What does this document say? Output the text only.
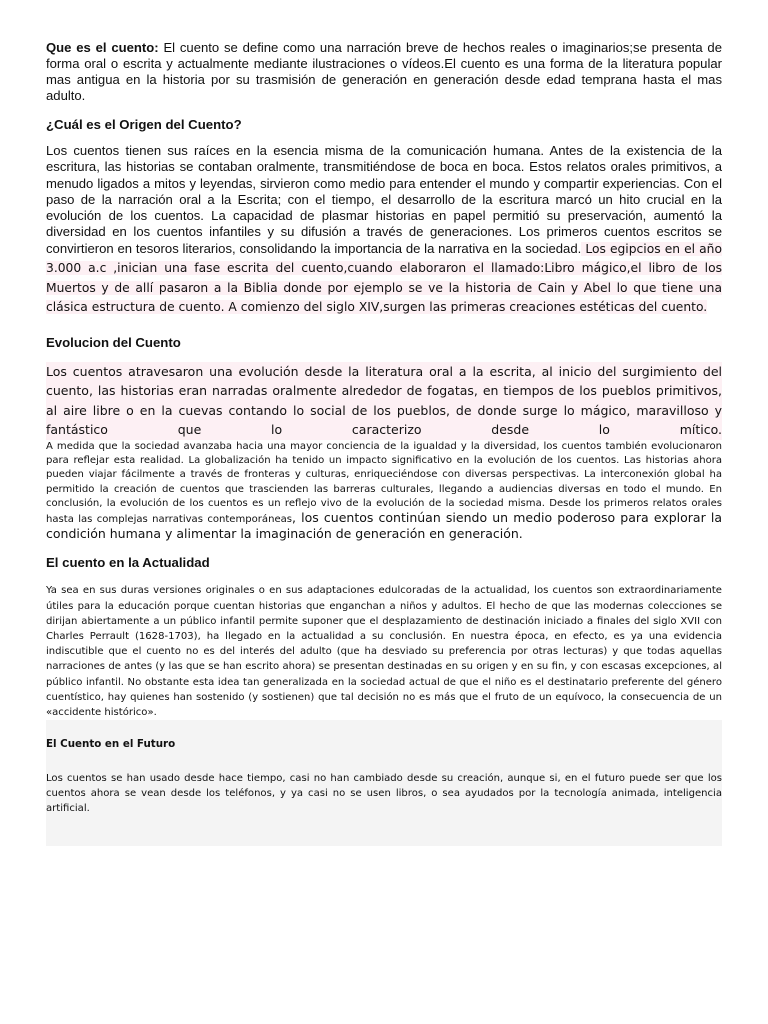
Que es el cuento: El cuento se define como una narración breve de hechos reales o imaginarios;se presenta de forma oral o escrita y actualmente mediante ilustraciones o vídeos.El cuento es una forma de la literatura popular mas antigua en la historia por su trasmisión de generación en generación desde edad temprana hasta el mas adulto.

¿Cuál es el Origen del Cuento?

Los cuentos tienen sus raíces en la esencia misma de la comunicación humana. Antes de la existencia de la escritura, las historias se contaban oralmente, transmitiéndose de boca en boca. Estos relatos orales primitivos, a menudo ligados a mitos y leyendas, sirvieron como medio para entender el mundo y compartir experiencias. Con el paso de la narración oral a la Escrita; con el tiempo, el desarrollo de la escritura marcó un hito crucial en la evolución de los cuentos. La capacidad de plasmar historias en papel permitió su preservación, aumentó la diversidad en los cuentos infantiles y su difusión a través de generaciones. Los primeros cuentos escritos se convirtieron en tesoros literarios, consolidando la importancia de la narrativa en la sociedad. Los egipcios en el año 3.000 a.c ,inician una fase escrita del cuento,cuando elaboraron el llamado:Libro mágico,el libro de los Muertos y de allí pasaron a la Biblia donde por ejemplo se ve la historia de Cain y Abel lo que tiene una clásica estructura de cuento. A comienzo del siglo XIV,surgen las primeras creaciones estéticas del cuento.

Evolucion del Cuento

Los cuentos atravesaron una evolución desde la literatura oral a la escrita, al inicio del surgimiento del cuento, las historias eran narradas oralmente alrededor de fogatas, en tiempos de los pueblos primitivos, al aire libre o en la cuevas contando lo social de los pueblos, de donde surge lo mágico, maravilloso y fantástico que lo caracterizo desde lo mítico.

A medida que la sociedad avanzaba hacia una mayor conciencia de la igualdad y la diversidad, los cuentos también evolucionaron para reflejar esta realidad. La globalización ha tenido un impacto significativo en la evolución de los cuentos. Las historias ahora pueden viajar fácilmente a través de fronteras y culturas, enriqueciéndose con diversas perspectivas. La interconexión global ha permitido la creación de cuentos que trascienden las barreras culturales, llegando a audiencias diversas en todo el mundo. En conclusión, la evolución de los cuentos es un reflejo vivo de la evolución de la sociedad misma. Desde los primeros relatos orales hasta las complejas narrativas contemporáneas, los cuentos continúan siendo un medio poderoso para explorar la condición humana y alimentar la imaginación de generación en generación.

El cuento en la Actualidad

Ya sea en sus duras versiones originales o en sus adaptaciones edulcoradas de la actualidad, los cuentos son extraordinariamente útiles para la educación porque cuentan historias que enganchan a niños y adultos. El hecho de que las modernas colecciones se dirijan abiertamente a un público infantil permite suponer que el desplazamiento de destinación iniciado a finales del siglo XVII con Charles Perrault (1628-1703), ha llegado en la actualidad a su conclusión. En nuestra época, en efecto, es ya una evidencia indiscutible que el cuento no es del interés del adulto (que ha desviado su preferencia por otras lecturas) y que todas aquellas narraciones de antes (y las que se han escrito ahora) se presentan destinadas en su origen y en su fin, y con escasas excepciones, al público infantil. No obstante esta idea tan generalizada en la sociedad actual de que el niño es el destinatario preferente del género cuentístico, hay quienes han sostenido (y sostienen) que tal decisión no es más que el fruto de un equívoco, la consecuencia de un «accidente histórico».

El Cuento en el Futuro

Los cuentos se han usado desde hace tiempo, casi no han cambiado desde su creación, aunque si, en el futuro puede ser que los cuentos ahora se vean desde los teléfonos, y ya casi no se usen libros, o sea ayudados por la tecnología animada, inteligencia artificial.
